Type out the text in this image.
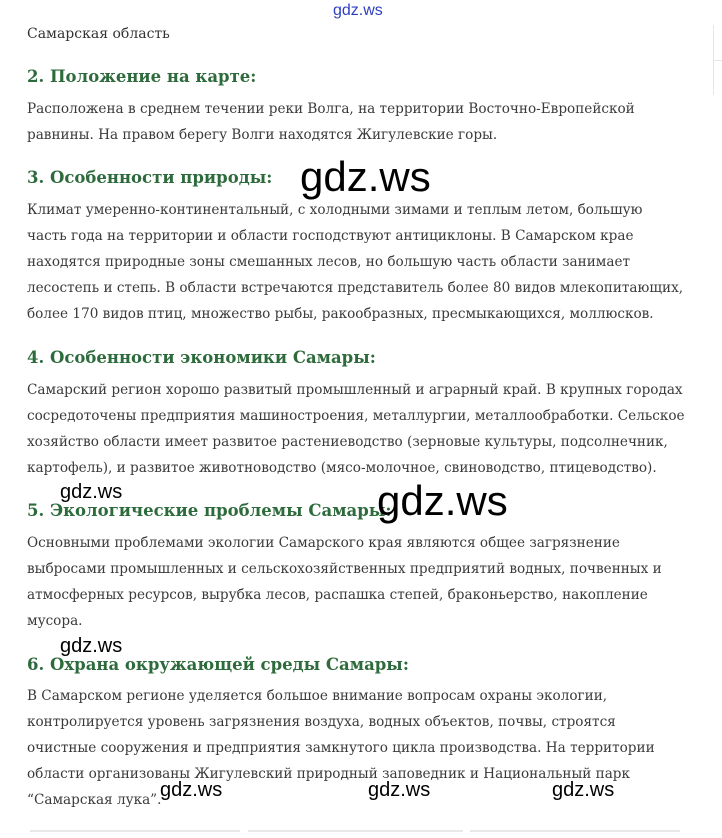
gdz.ws

Самарская область

2. Положение на карте:
Расположена в среднем течении реки Волга, на территории Восточно-Европейской
равнины. На правом берегу Волги находятся Жигулевские горы.
3. Особенности природы:
Климат умеренно-континентальный, с холодными зимами и теплым летом, большую
часть года на территории и области господствуют антициклоны. В Самарском крае
находятся природные зоны смешанных лесов, но большую часть области занимает
лесостепь и степь. В области встречаются представитель более 80 видов млекопитающих,
более 170 видов птиц, множество рыбы, ракообразных, пресмыкающихся, моллюсков.
4. Особенности экономики Самары:
Самарский регион хорошо развитый промышленный и аграрный край. В крупных городах
сосредоточены предприятия машиностроения, металлургии, металлообработки. Сельское
хозяйство области имеет развитое растениеводство (зерновые культуры, подсолнечник,
картофель), и развитое животноводство (мясо-молочное, свиноводство, птицеводство).
5. Экологические проблемы Самары:
Основными проблемами экологии Самарского края являются общее загрязнение
выбросами промышленных и сельскохозяйственных предприятий водных, почвенных и
атмосферных ресурсов, вырубка лесов, распашка степей, браконьерство, накопление
мусора.
6. Охрана окружающей среды Самары:
В Самарском регионе уделяется большое внимание вопросам охраны экологии,
контролируется уровень загрязнения воздуха, водных объектов, почвы, строятся
очистные сооружения и предприятия замкнутого цикла производства. На территории
области организованы Жигулевский природный заповедник и Национальный парк
“Самарская лука”.
gdz.ws
gdz.ws	gdz.ws
gdz.ws
gdz.ws	gdz.ws	gdz.ws
